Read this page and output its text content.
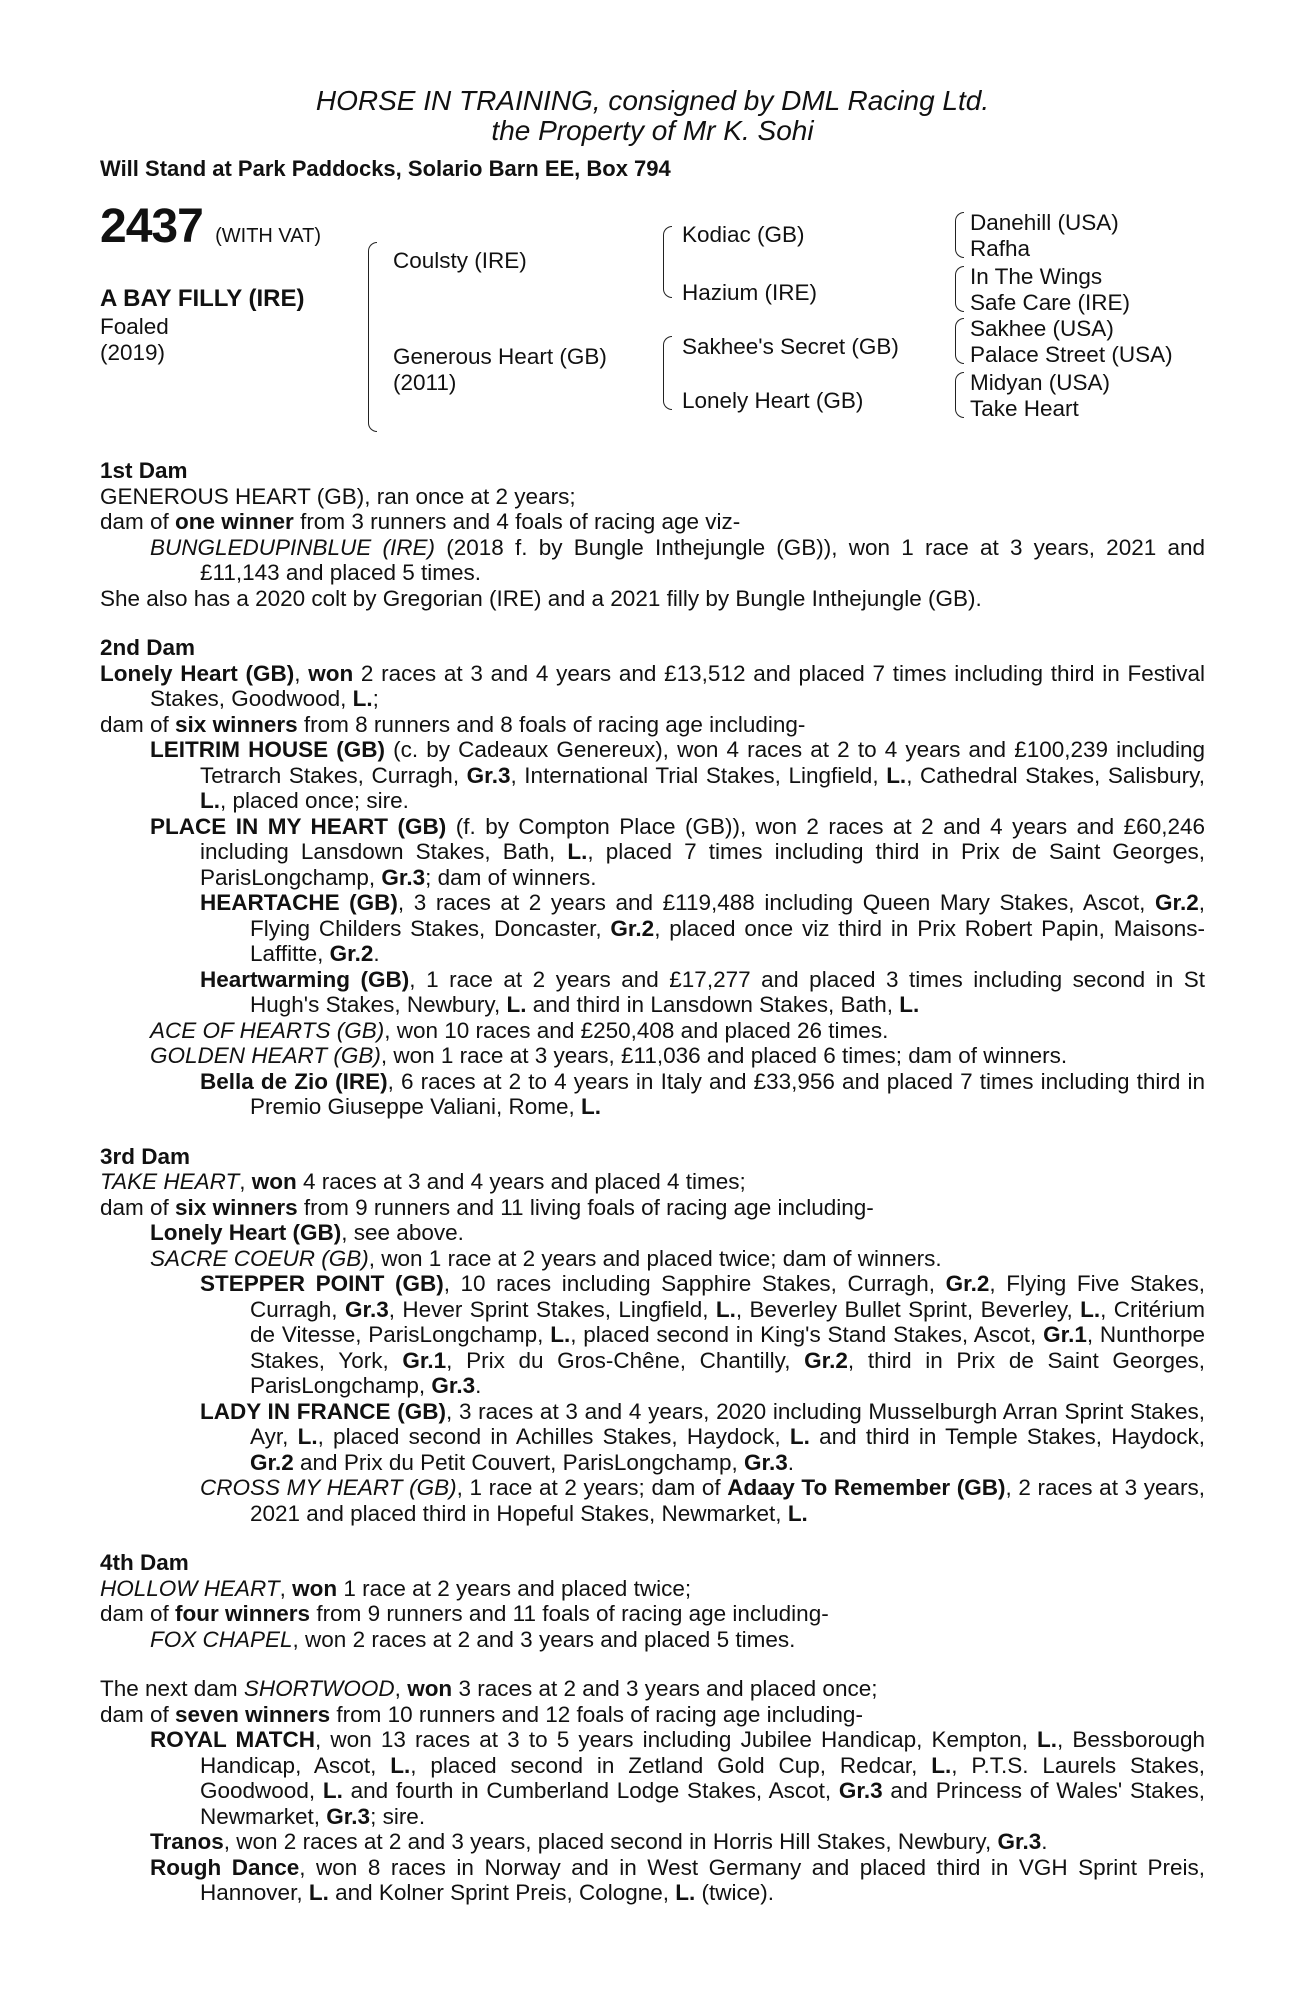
HORSE IN TRAINING, consigned by DML Racing Ltd.
the Property of Mr K. Sohi
Will Stand at Park Paddocks, Solario Barn EE, Box 794
2437 (WITH VAT)
A BAY FILLY (IRE)
Foaled
(2019)
Coulsty (IRE)
Generous Heart (GB)
(2011)
Kodiac (GB)
Hazium (IRE)
Sakhee's Secret (GB)
Lonely Heart (GB)
Danehill (USA)
Rafha
In The Wings
Safe Care (IRE)
Sakhee (USA)
Palace Street (USA)
Midyan (USA)
Take Heart
1st Dam

GENEROUS HEART (GB), ran once at 2 years;

dam of one winner from 3 runners and 4 foals of racing age viz-

BUNGLEDUPINBLUE (IRE) (2018 f. by Bungle Inthejungle (GB)), won 1 race at 3 years, 2021 and £11,143 and placed 5 times.

She also has a 2020 colt by Gregorian (IRE) and a 2021 filly by Bungle Inthejungle (GB).

2nd Dam

Lonely Heart (GB), won 2 races at 3 and 4 years and £13,512 and placed 7 times including third in Festival Stakes, Goodwood, L.;

dam of six winners from 8 runners and 8 foals of racing age including-

LEITRIM HOUSE (GB) (c. by Cadeaux Genereux), won 4 races at 2 to 4 years and £100,239 including Tetrarch Stakes, Curragh, Gr.3, International Trial Stakes, Lingfield, L., Cathedral Stakes, Salisbury, L., placed once; sire.

PLACE IN MY HEART (GB) (f. by Compton Place (GB)), won 2 races at 2 and 4 years and £60,246 including Lansdown Stakes, Bath, L., placed 7 times including third in Prix de Saint Georges, ParisLongchamp, Gr.3; dam of winners.

HEARTACHE (GB), 3 races at 2 years and £119,488 including Queen Mary Stakes, Ascot, Gr.2, Flying Childers Stakes, Doncaster, Gr.2, placed once viz third in Prix Robert Papin, Maisons-Laffitte, Gr.2.

Heartwarming (GB), 1 race at 2 years and £17,277 and placed 3 times including second in St Hugh's Stakes, Newbury, L. and third in Lansdown Stakes, Bath, L.

ACE OF HEARTS (GB), won 10 races and £250,408 and placed 26 times.

GOLDEN HEART (GB), won 1 race at 3 years, £11,036 and placed 6 times; dam of winners.

Bella de Zio (IRE), 6 races at 2 to 4 years in Italy and £33,956 and placed 7 times including third in Premio Giuseppe Valiani, Rome, L.

3rd Dam

TAKE HEART, won 4 races at 3 and 4 years and placed 4 times;

dam of six winners from 9 runners and 11 living foals of racing age including-

Lonely Heart (GB), see above.

SACRE COEUR (GB), won 1 race at 2 years and placed twice; dam of winners.

STEPPER POINT (GB), 10 races including Sapphire Stakes, Curragh, Gr.2, Flying Five Stakes, Curragh, Gr.3, Hever Sprint Stakes, Lingfield, L., Beverley Bullet Sprint, Beverley, L., Critérium de Vitesse, ParisLongchamp, L., placed second in King's Stand Stakes, Ascot, Gr.1, Nunthorpe Stakes, York, Gr.1, Prix du Gros-Chêne, Chantilly, Gr.2, third in Prix de Saint Georges, ParisLongchamp, Gr.3.

LADY IN FRANCE (GB), 3 races at 3 and 4 years, 2020 including Musselburgh Arran Sprint Stakes, Ayr, L., placed second in Achilles Stakes, Haydock, L. and third in Temple Stakes, Haydock, Gr.2 and Prix du Petit Couvert, ParisLongchamp, Gr.3.

CROSS MY HEART (GB), 1 race at 2 years; dam of Adaay To Remember (GB), 2 races at 3 years, 2021 and placed third in Hopeful Stakes, Newmarket, L.

4th Dam

HOLLOW HEART, won 1 race at 2 years and placed twice;

dam of four winners from 9 runners and 11 foals of racing age including-

FOX CHAPEL, won 2 races at 2 and 3 years and placed 5 times.

The next dam SHORTWOOD, won 3 races at 2 and 3 years and placed once;

dam of seven winners from 10 runners and 12 foals of racing age including-

ROYAL MATCH, won 13 races at 3 to 5 years including Jubilee Handicap, Kempton, L., Bessborough Handicap, Ascot, L., placed second in Zetland Gold Cup, Redcar, L., P.T.S. Laurels Stakes, Goodwood, L. and fourth in Cumberland Lodge Stakes, Ascot, Gr.3 and Princess of Wales' Stakes, Newmarket, Gr.3; sire.

Tranos, won 2 races at 2 and 3 years, placed second in Horris Hill Stakes, Newbury, Gr.3.

Rough Dance, won 8 races in Norway and in West Germany and placed third in VGH Sprint Preis, Hannover, L. and Kolner Sprint Preis, Cologne, L. (twice).
